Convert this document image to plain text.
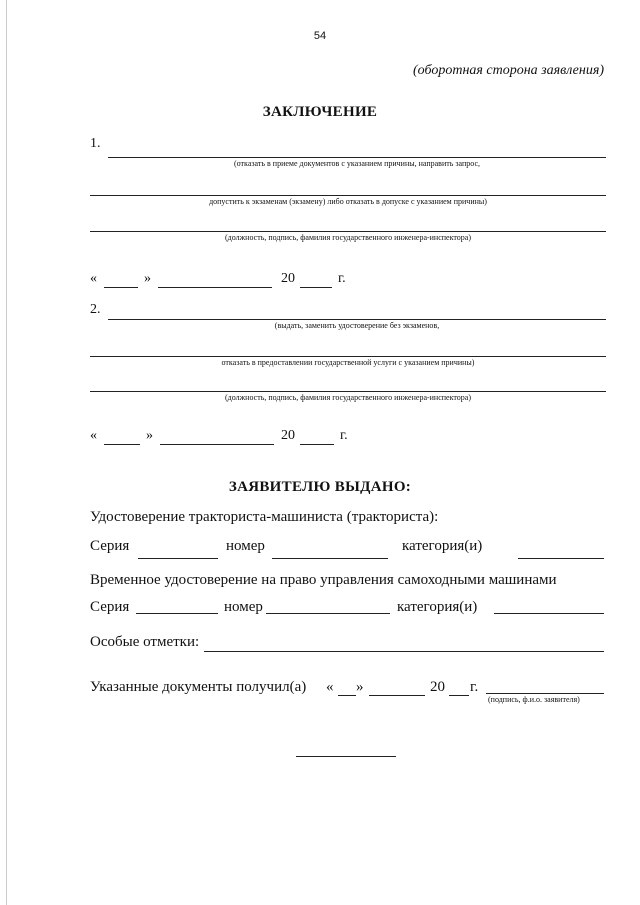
54
(оборотная сторона заявления)
ЗАКЛЮЧЕНИЕ
1.
(отказать в приеме документов с указанием причины, направить запрос,
допустить к экзаменам (экзамену) либо отказать в допуске с указанием причины)
(должность, подпись, фамилия государственного инженера-инспектора)
«	»	20	г.
2.
(выдать, заменить удостоверение без экзаменов,
отказать в предоставлении государственной услуги с указанием причины)
(должность, подпись, фамилия государственного инженера-инспектора)
«	»	20	г.
ЗАЯВИТЕЛЮ ВЫДАНО:
Удостоверение тракториста-машиниста (тракториста):
Серия	номер	категория(и)
Временное удостоверение на право управления самоходными машинами
Серия	номер	категория(и)
Особые отметки:
Указанные документы получил(а) « »	20 г.
(подпись, ф.и.о. заявителя)
